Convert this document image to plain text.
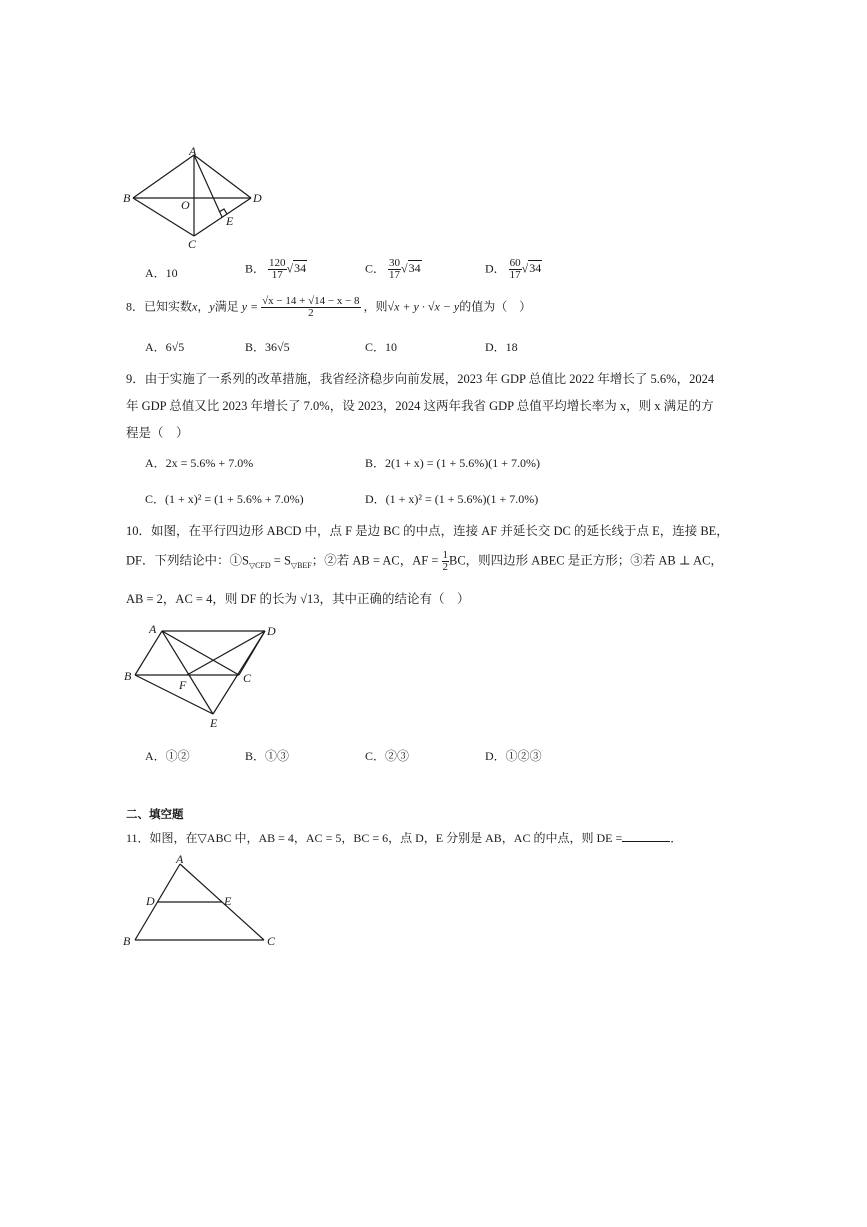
A
B	D
O
E
C
A．10	B． $\frac{120}{17} √34$	C． $\frac{30}{17} √34$	D． $\frac{60}{17} √34$
8．已知实数x，y满足 $y = \frac{√x - 14 + √14 - x - 8}{2}$ ，则√x + y · √x − y的值为（　）
A．6√5	B．36√5	C．10	D．18
9．由于实施了一系列的改革措施，我省经济稳步向前发展，2023 年 GDP 总值比 2022 年增长了 5.6%，2024
年 GDP 总值又比 2023 年增长了 7.0%，设 2023，2024 这两年我省 GDP 总值平均增长率为 x，则 x 满足的方
程是（　）
A．2x = 5.6% + 7.0%	B．2(1 + x) = (1 + 5.6%)(1 + 7.0%)
C．(1 + x)² = (1 + 5.6% + 7.0%)	D．(1 + x)² = (1 + 5.6%)(1 + 7.0%)
10．如图，在平行四边形 ABCD 中，点 F 是边 BC 的中点，连接 AF 并延长交 DC 的延长线于点 E，连接 BE，
DF．下列结论中：$①S_{▽CFD} = S_{▽BEF}$；②若 AB = AC，AF = $\frac{1}{2}$ BC，则四边形 ABEC 是正方形；③若 AB ⊥ AC，
AB = 2，AC = 4，则 DF 的长为 √13，其中正确的结论有（　）
A	D
B
F	C
E
A．①②	B．①③	C．②③	D．①②③
二、填空题
11．如图，在▽ABC 中，AB = 4，AC = 5，BC = 6，点 D，E 分别是 AB，AC 的中点，则 DE =	．
A
D	E
B	C
